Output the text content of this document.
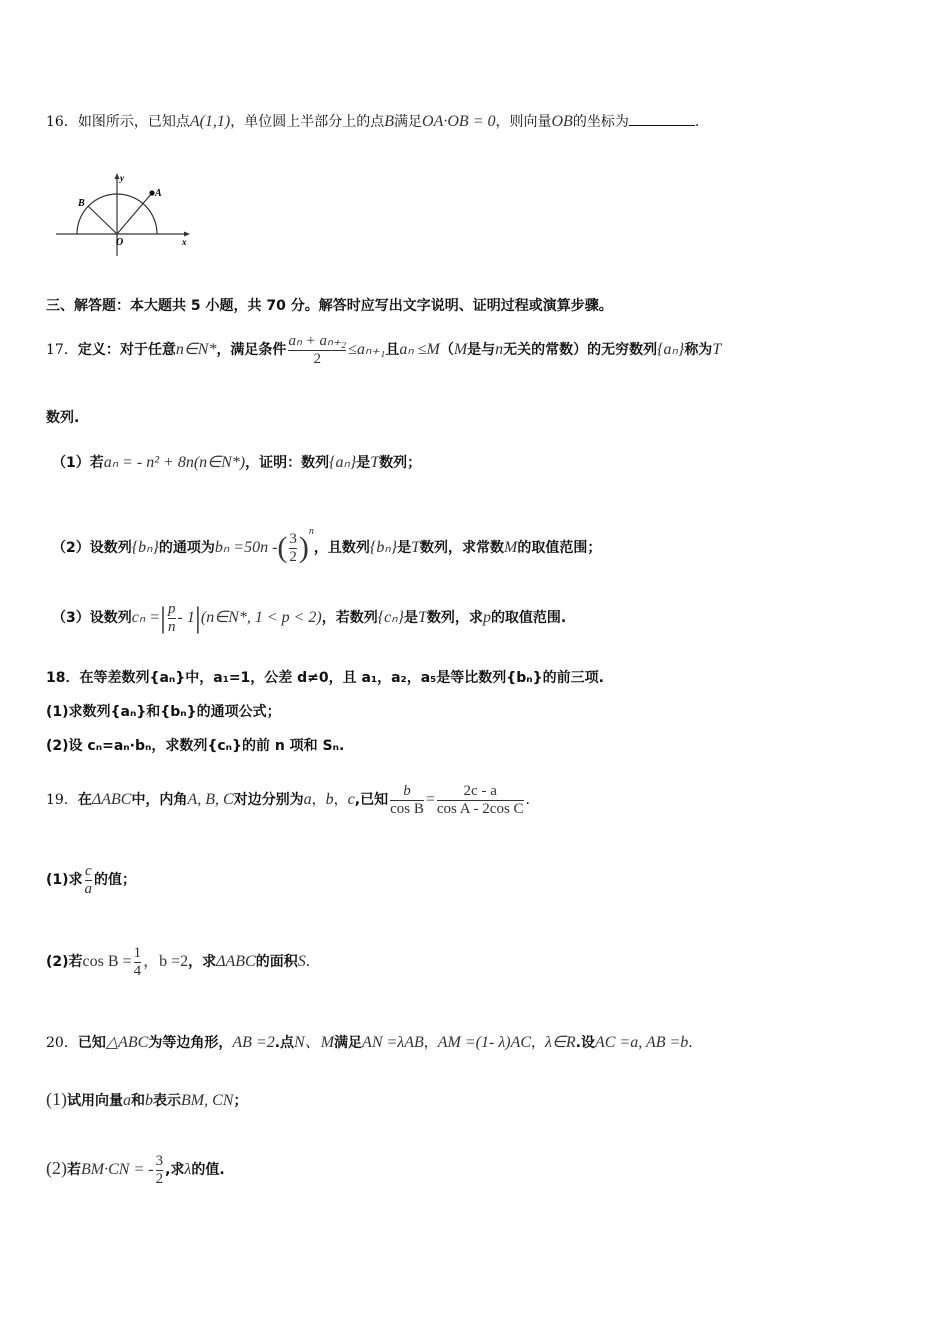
16．如图所示，已知点A(1,1)，单位圆上半部分上的点B满足OA·OB = 0，则向量OB的坐标为	.
A
B
y
O	x
三、解答题：本大题共 5 小题，共 70 分。解答时应写出文字说明、证明过程或演算步骤。
17．定义：对于任意n∈N*，满足条件 $\frac{\text{aₙ + aₙ₊₂}}{2} \le a_{n+1}$且aₙ ≤M（M是与n无关的常数）的无穷数列{aₙ}称为T
数列.
（1）若aₙ = - n² + 8n(n∈N*)，证明：数列{aₙ}是T数列；
（2）设数列{bₙ}的通项为bₙ =50n -( $\frac{3}{2} )^n$，且数列{bₙ}是T数列，求常数M的取值范围；
（3）设数列cₙ =| $\frac{p}{n}$ - 1|(n∈N*, 1 < p < 2)，若数列{cₙ}是T数列，求p的取值范围.
18．在等差数列{aₙ}中，a₁=1，公差 d≠0，且 a₁，a₂，a₅是等比数列{bₙ}的前三项.
(1)求数列{aₙ}和{bₙ}的通项公式；
(2)设 cₙ=aₙ·bₙ，求数列{cₙ}的前 n 项和 Sₙ.
19．在ΔABC中，内角A, B, C对边分别为a，b，c,已知 $\frac{b}{\text{cos B}} = \frac{2c - a}{\text{cos A - 2cos C}}$ .
(1)求 $\frac{c}{a}$ 的值；
(2)若$\cos B = \frac{1}{4}$ ，b =2，求ΔABC的面积S.
20．已知△ABC为等边角形，AB =2.点N、M满足AN =λAB，AM =(1- λ)AC，λ∈R.设AC =a, AB =b.
(1)试用向量a和b表示BM, CN；
(2)若BM·CN = - $\frac{3}{2}$ ,求λ的值.
